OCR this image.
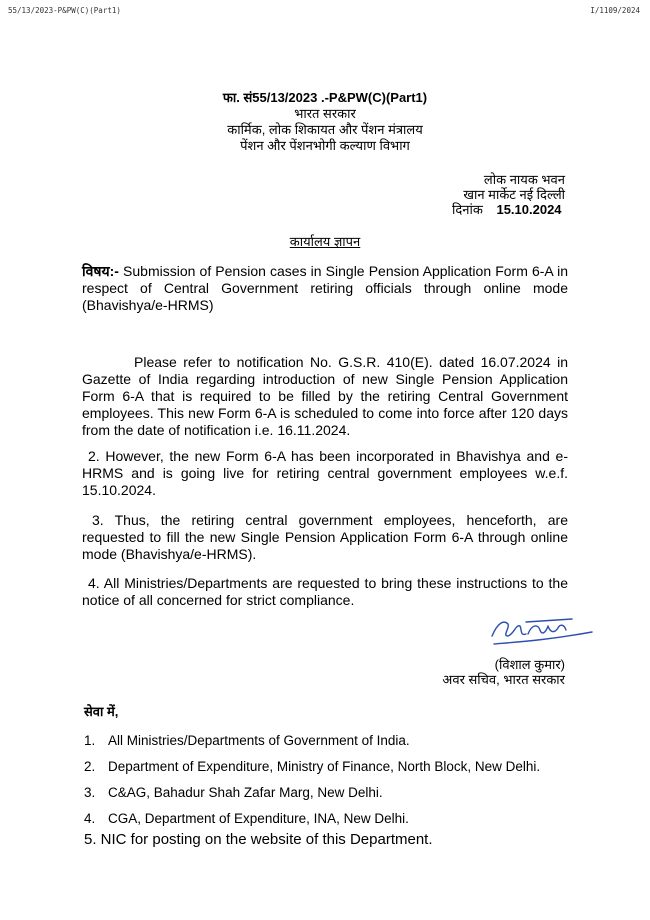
55/13/2023-P&PW(C)(Part1)	I/1109/2024
फा. सं55/13/2023 .-P&PW(C)(Part1)
भारत सरकार
कार्मिक, लोक शिकायत और पेंशन मंत्रालय
पेंशन और पेंशनभोगी कल्याण विभाग
लोक नायक भवन
खान मार्केट नई दिल्ली
दिनांक 15.10.2024
कार्यालय ज्ञापन
विषय:- Submission of Pension cases in Single Pension Application Form 6-A in respect of Central Government retiring officials through online mode (Bhavishya/e-HRMS)
Please refer to notification No. G.S.R. 410(E). dated 16.07.2024 in Gazette of India regarding introduction of new Single Pension Application Form 6-A that is required to be filled by the retiring Central Government employees. This new Form 6-A is scheduled to come into force after 120 days from the date of notification i.e. 16.11.2024.
2. However, the new Form 6-A has been incorporated in Bhavishya and e-HRMS and is going live for retiring central government employees w.e.f. 15.10.2024.
3. Thus, the retiring central government employees, henceforth, are requested to fill the new Single Pension Application Form 6-A through online mode (Bhavishya/e-HRMS).
4. All Ministries/Departments are requested to bring these instructions to the notice of all concerned for strict compliance.
(विशाल कुमार)
अवर सचिव, भारत सरकार
सेवा में,
1. All Ministries/Departments of Government of India.
2. Department of Expenditure, Ministry of Finance, North Block, New Delhi.
3. C&AG, Bahadur Shah Zafar Marg, New Delhi.
4. CGA, Department of Expenditure, INA, New Delhi.
5. NIC for posting on the website of this Department.
